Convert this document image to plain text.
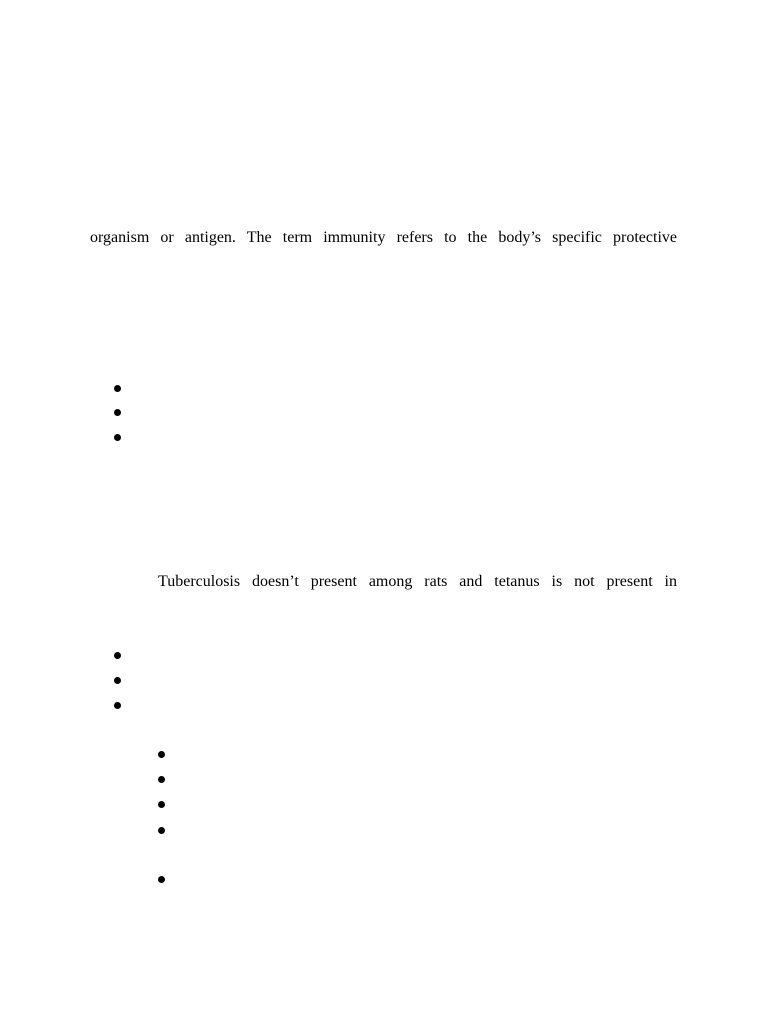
organism or antigen. The term immunity refers to the body’s specific protective
Tuberculosis doesn’t present among rats and tetanus is not present in
